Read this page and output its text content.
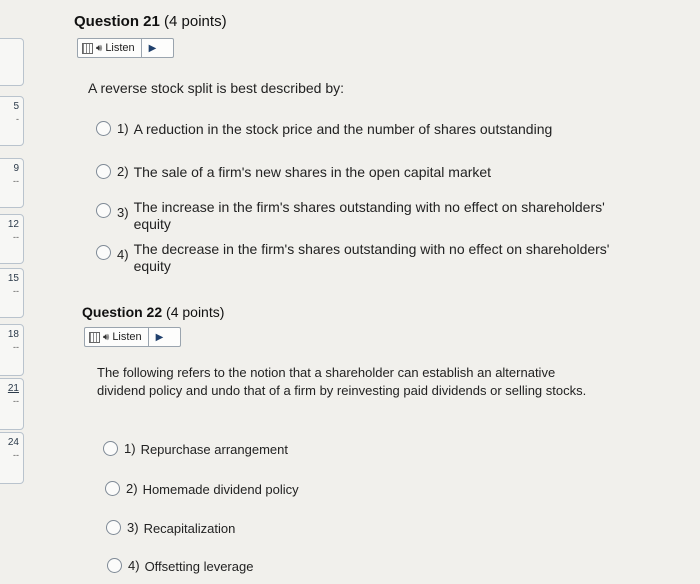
5
-
9
--
12
--
15
--
18
--
21
--
24
--
Question 21 (4 points)
🔊︎ Listen	▶
A reverse stock split is best described by:
1) A reduction in the stock price and the number of shares outstanding
2) The sale of a firm's new shares in the open capital market
3) The increase in the firm's shares outstanding with no effect on shareholders' equity
4) The decrease in the firm's shares outstanding with no effect on shareholders' equity
Question 22 (4 points)
🔊︎ Listen	▶
The following refers to the notion that a shareholder can establish an alternative dividend policy and undo that of a firm by reinvesting paid dividends or selling stocks.
1) Repurchase arrangement
2) Homemade dividend policy
3) Recapitalization
4) Offsetting leverage
